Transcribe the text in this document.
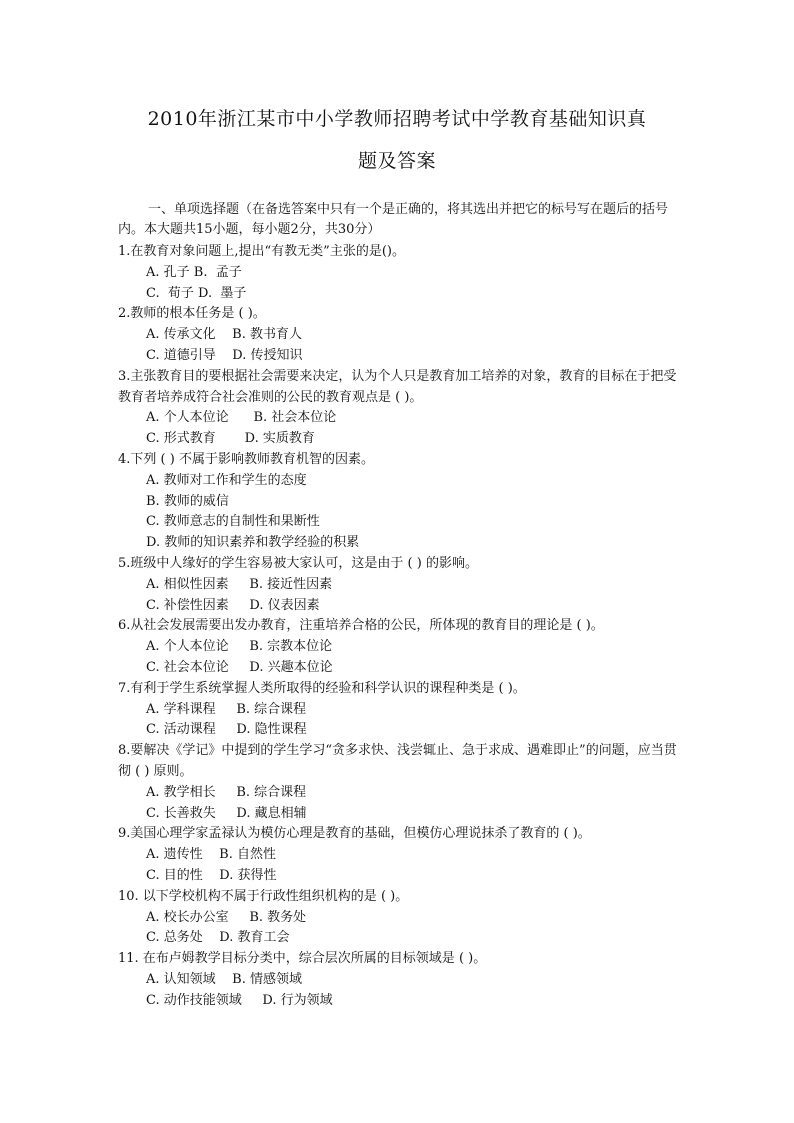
2010年浙江某市中小学教师招聘考试中学教育基础知识真
题及答案
一、单项选择题（在备选答案中只有一个是正确的，将其选出并把它的标号写在题后的括号内。本大题共15小题，每小题2分，共30分）
1.在教育对象问题上,提出“有教无类”主张的是()。
A. 孔子 B.  孟子
C.  荀子 D.  墨子
2.教师的根本任务是 ( )。
A. 传承文化    B. 教书育人
C. 道德引导    D. 传授知识
3.主张教育目的要根据社会需要来决定，认为个人只是教育加工培养的对象，教育的目标在于把受教育者培养成符合社会准则的公民的教育观点是 ( )。
A. 个人本位论      B. 社会本位论
C. 形式教育       D. 实质教育
4.下列 ( ) 不属于影响教师教育机智的因素。
A. 教师对工作和学生的态度
B. 教师的威信
C. 教师意志的自制性和果断性
D. 教师的知识素养和教学经验的积累
5.班级中人缘好的学生容易被大家认可，这是由于 ( ) 的影响。
A. 相似性因素     B. 接近性因素
C. 补偿性因素     D. 仪表因素
6.从社会发展需要出发办教育，注重培养合格的公民，所体现的教育目的理论是 ( )。
A. 个人本位论     B. 宗教本位论
C. 社会本位论     D. 兴趣本位论
7.有利于学生系统掌握人类所取得的经验和科学认识的课程种类是 ( )。
A. 学科课程     B. 综合课程
C. 活动课程     D. 隐性课程
8.要解决《学记》中提到的学生学习“贪多求快、浅尝辄止、急于求成、遇难即止”的问题，应当贯彻 ( ) 原则。
A. 教学相长     B. 综合课程
C. 长善救失     D. 藏息相辅
9.美国心理学家孟禄认为模仿心理是教育的基础，但模仿心理说抹杀了教育的 ( )。
A. 遗传性    B. 自然性
C. 目的性    D. 获得性
10. 以下学校机构不属于行政性组织机构的是 ( )。
A. 校长办公室     B. 教务处
C. 总务处    D. 教育工会
11. 在布卢姆教学目标分类中，综合层次所属的目标领域是 ( )。
A. 认知领域    B. 情感领域
C. 动作技能领域     D. 行为领域
